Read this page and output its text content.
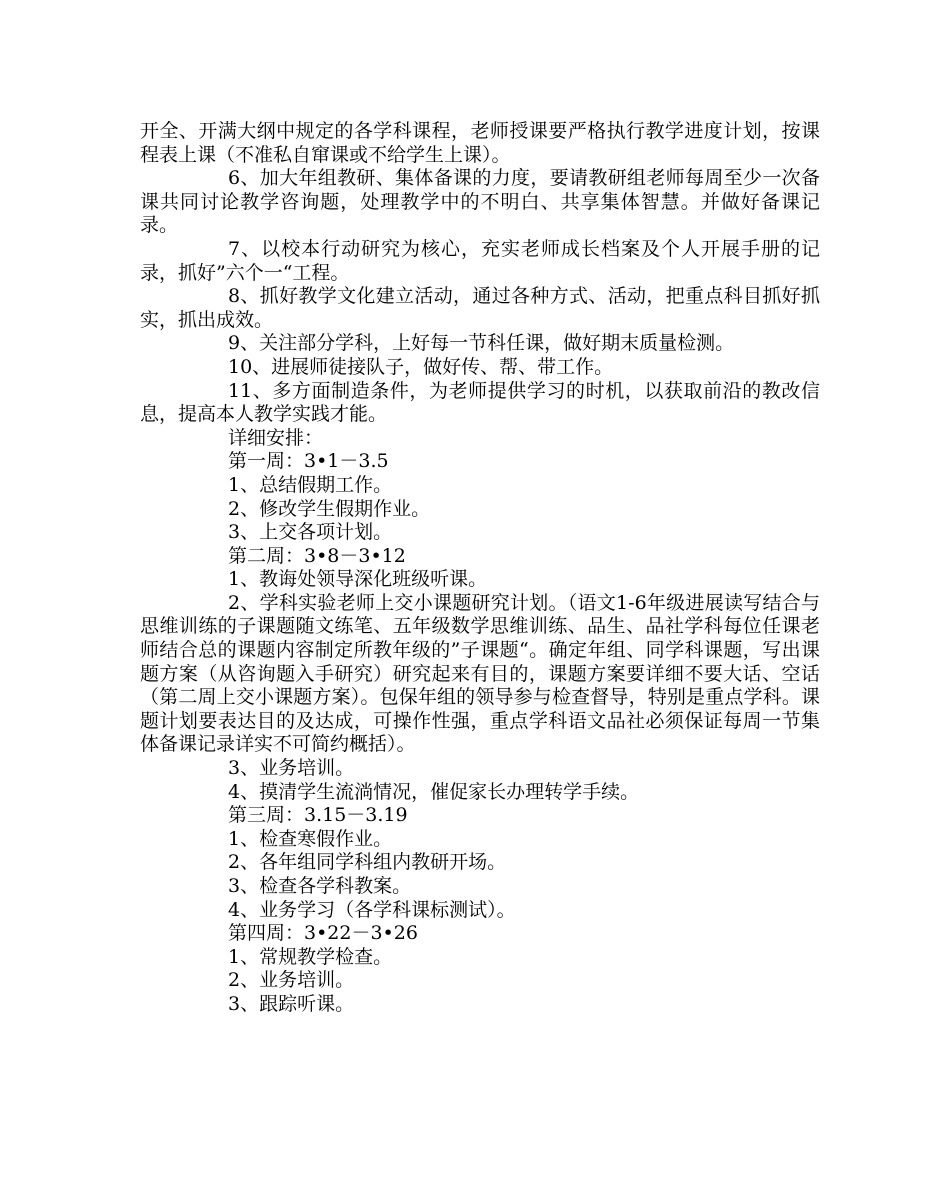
开全、开满大纲中规定的各学科课程，老师授课要严格执行教学进度计划，按课程表上课（不准私自窜课或不给学生上课）。

6、加大年组教研、集体备课的力度，要请教研组老师每周至少一次备课共同讨论教学咨询题，处理教学中的不明白、共享集体智慧。并做好备课记录。

7、以校本行动研究为核心，充实老师成长档案及个人开展手册的记录，抓好”六个一“工程。

8、抓好教学文化建立活动，通过各种方式、活动，把重点科目抓好抓实，抓出成效。

9、关注部分学科，上好每一节科任课，做好期末质量检测。

10、进展师徒接队子，做好传、帮、带工作。

11、多方面制造条件，为老师提供学习的时机，以获取前沿的教改信息，提高本人教学实践才能。

详细安排：

第一周：3•1－3.5

1、总结假期工作。

2、修改学生假期作业。

3、上交各项计划。

第二周：3•8－3•12

1、教诲处领导深化班级听课。

2、学科实验老师上交小课题研究计划。（语文1-6年级进展读写结合与思维训练的子课题随文练笔、五年级数学思维训练、品生、品社学科每位任课老师结合总的课题内容制定所教年级的”子课题“。确定年组、同学科课题，写出课题方案（从咨询题入手研究）研究起来有目的，课题方案要详细不要大话、空话（第二周上交小课题方案）。包保年组的领导参与检查督导，特别是重点学科。课题计划要表达目的及达成，可操作性强，重点学科语文品社必须保证每周一节集体备课记录详实不可简约概括）。

3、业务培训。

4、摸清学生流淌情况，催促家长办理转学手续。

第三周：3.15－3.19

1、检查寒假作业。

2、各年组同学科组内教研开场。

3、检查各学科教案。

4、业务学习（各学科课标测试）。

第四周：3•22－3•26

1、常规教学检查。

2、业务培训。

3、跟踪听课。
